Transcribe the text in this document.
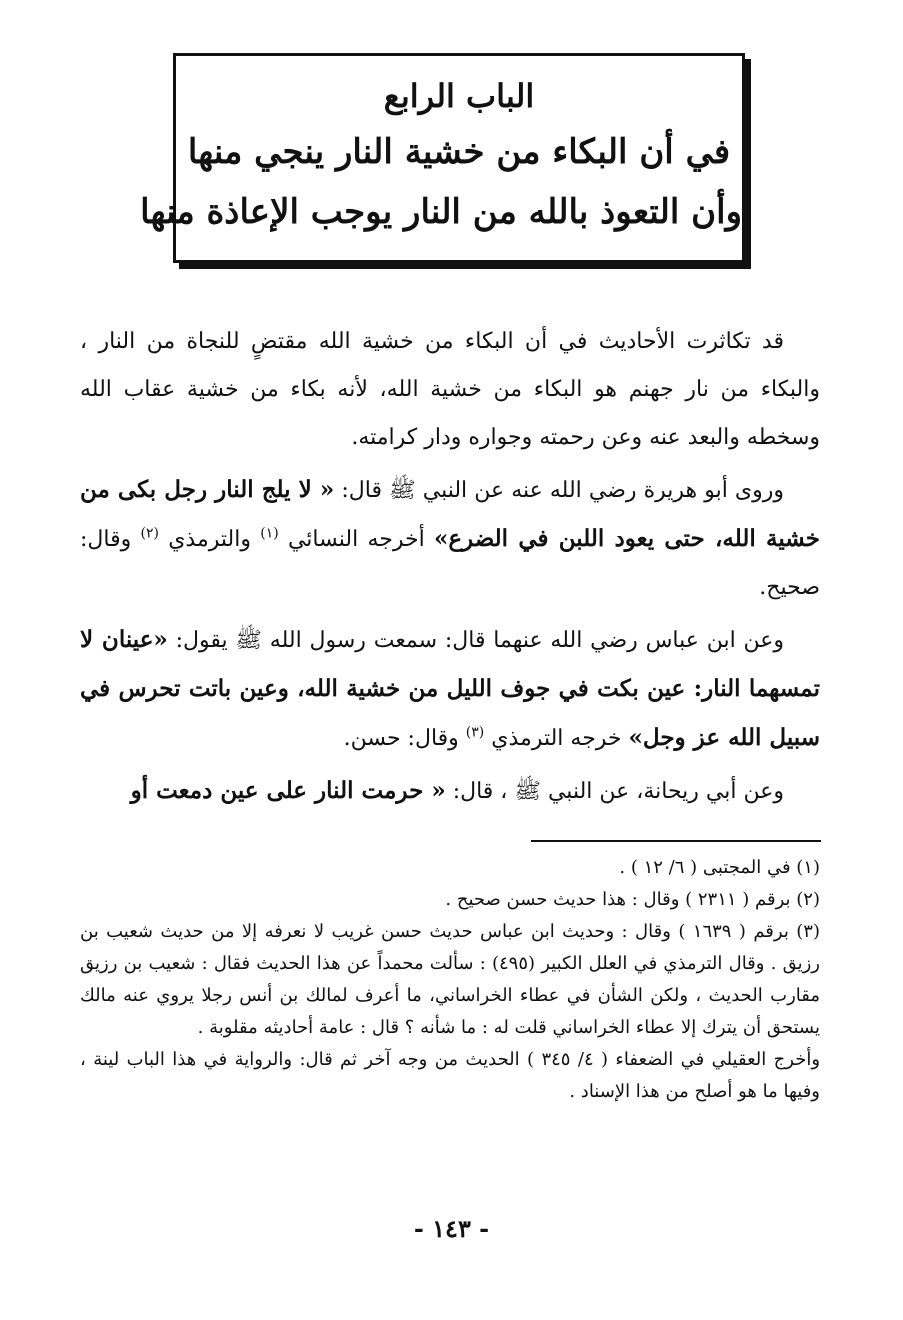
الباب الرابع
في أن البكاء من خشية النار ينجي منها
وأن التعوذ بالله من النار يوجب الإعاذة منها

قد تكاثرت الأحاديث في أن البكاء من خشية الله مقتضٍ للنجاة من النار ، والبكاء من نار جهنم هو البكاء من خشية الله، لأنه بكاء من خشية عقاب الله وسخطه والبعد عنه وعن رحمته وجواره ودار كرامته.

وروى أبو هريرة رضي الله عنه عن النبي ﷺ قال: « لا يلج النار رجل بكى من خشية الله، حتى يعود اللبن في الضرع» أخرجه النسائي $^{(١)}$ والترمذي $^{(٢)}$ وقال: صحيح.

وعن ابن عباس رضي الله عنهما قال: سمعت رسول الله ﷺ يقول: «عينان لا تمسهما النار: عين بكت في جوف الليل من خشية الله، وعين باتت تحرس في سبيل الله عز وجل» خرجه الترمذي $^{(٣)}$ وقال: حسن.

وعن أبي ريحانة، عن النبي ﷺ ، قال: « حرمت النار على عين دمعت أو

(١) في المجتبى ( ٦/ ١٢ ) .

(٢) برقم ( ٢٣١١ ) وقال : هذا حديث حسن صحيح .

(٣) برقم ( ١٦٣٩ ) وقال : وحديث ابن عباس حديث حسن غريب لا نعرفه إلا من حديث شعيب بن رزيق . وقال الترمذي في العلل الكبير (٤٩٥) : سألت محمداً عن هذا الحديث فقال : شعيب بن رزيق مقارب الحديث ، ولكن الشأن في عطاء الخراساني، ما أعرف لمالك بن أنس رجلا يروي عنه مالك يستحق أن يترك إلا عطاء الخراساني قلت له : ما شأنه ؟ قال : عامة أحاديثه مقلوبة .

وأخرج العقيلي في الضعفاء ( ٤/ ٣٤٥ ) الحديث من وجه آخر ثم قال: والرواية في هذا الباب لينة ، وفيها ما هو أصلح من هذا الإسناد .

- ١٤٣ -
